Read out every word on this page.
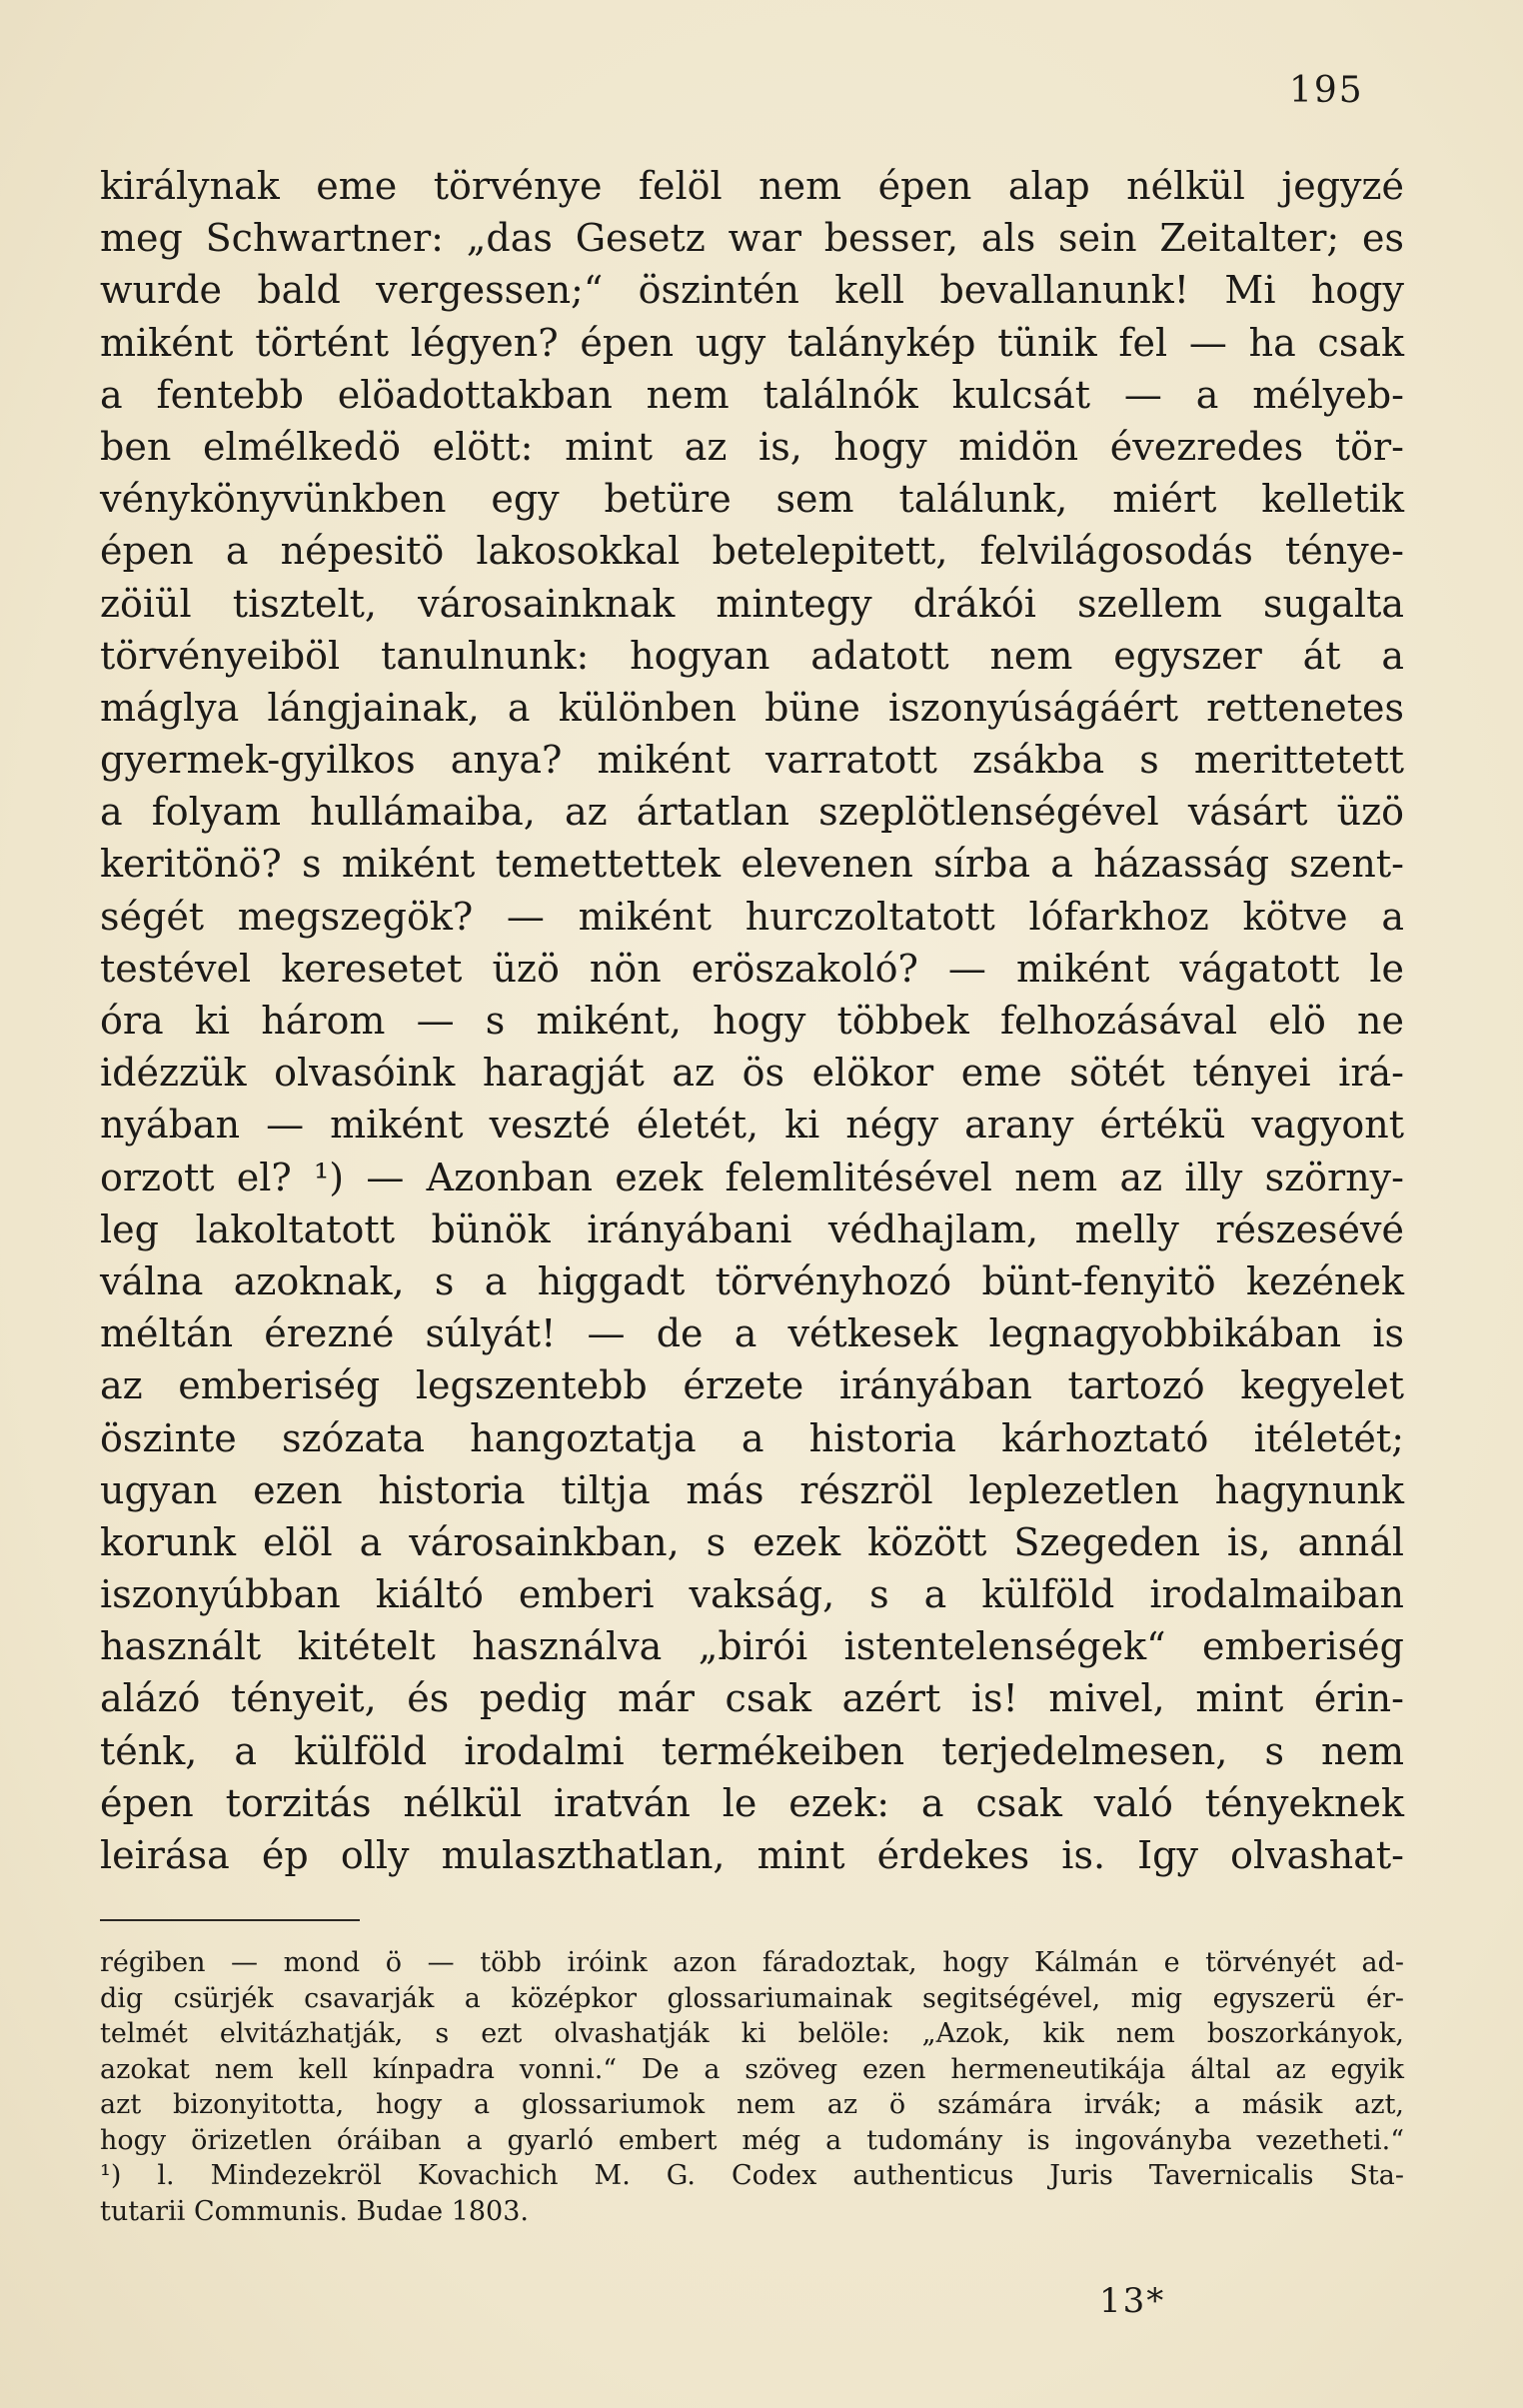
195
királynak eme törvénye felöl nem épen alap nélkül jegyzé
meg Schwartner: „das Gesetz war besser, als sein Zeitalter; es
wurde bald vergessen;“ öszintén kell bevallanunk! Mi hogy
miként történt légyen? épen ugy talánykép tünik fel — ha csak
a fentebb elöadottakban nem találnók kulcsát — a mélyeb-
ben elmélkedö elött: mint az is, hogy midön évezredes tör-
vénykönyvünkben egy betüre sem találunk, miért kelletik
épen a népesitö lakosokkal betelepitett, felvilágosodás ténye-
zöiül tisztelt, városainknak mintegy drákói szellem sugalta
törvényeiböl tanulnunk: hogyan adatott nem egyszer át a
máglya lángjainak, a különben büne iszonyúságáért rettenetes
gyermek-gyilkos anya? miként varratott zsákba s merittetett
a folyam hullámaiba, az ártatlan szeplötlenségével vásárt üzö
keritönö? s miként temettettek elevenen sírba a házasság szent-
ségét megszegök? — miként hurczoltatott lófarkhoz kötve a
testével keresetet üzö nön eröszakoló? — miként vágatott le
óra ki három — s miként, hogy többek felhozásával elö ne
idézzük olvasóink haragját az ös elökor eme sötét tényei irá-
nyában — miként veszté életét, ki négy arany értékü vagyont
orzott el? ¹) — Azonban ezek felemlitésével nem az illy szörny-
leg lakoltatott bünök irányábani védhajlam, melly részesévé
válna azoknak, s a higgadt törvényhozó bünt-fenyitö kezének
méltán érezné súlyát! — de a vétkesek legnagyobbikában is
az emberiség legszentebb érzete irányában tartozó kegyelet
öszinte szózata hangoztatja a historia kárhoztató itéletét;
ugyan ezen historia tiltja más részröl leplezetlen hagynunk
korunk elöl a városainkban, s ezek között Szegeden is, annál
iszonyúbban kiáltó emberi vakság, s a külföld irodalmaiban
használt kitételt használva „birói istentelenségek“ emberiség
alázó tényeit, és pedig már csak azért is! mivel, mint érin-
ténk, a külföld irodalmi termékeiben terjedelmesen, s nem
épen torzitás nélkül iratván le ezek: a csak való tényeknek
leirása ép olly mulaszthatlan, mint érdekes is. Igy olvashat-
régiben — mond ö — több iróink azon fáradoztak, hogy Kálmán e törvényét ad-
dig csürjék csavarják a középkor glossariumainak segitségével, mig egyszerü ér-
telmét elvitázhatják, s ezt olvashatják ki belöle: „Azok, kik nem boszorkányok,
azokat nem kell kínpadra vonni.“ De a szöveg ezen hermeneutikája által az egyik
azt bizonyitotta, hogy a glossariumok nem az ö számára irvák; a másik azt,
hogy örizetlen óráiban a gyarló embert még a tudomány is ingoványba vezetheti.“
¹) l. Mindezekröl Kovachich M. G. Codex authenticus Juris Tavernicalis Sta-
tutarii Communis. Budae 1803.
13*
